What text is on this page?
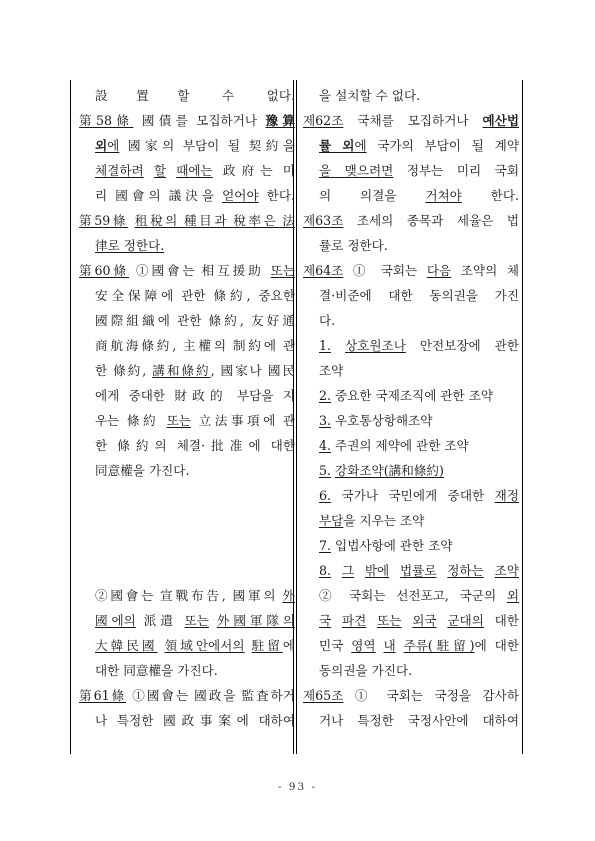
設置할 수 없다.
第58條 國債를 모집하거나 豫算
외에 國家의 부담이 될 契約을
체결하려 할 때에는 政府는 미
리 國會의 議決을 얻어야 한다.
第59條 租稅의 種目과 稅率은 法
律로 정한다.
第60條 ①國會는 相互援助 또는
安全保障에 관한 條約, 중요한
國際組織에 관한 條約, 友好通
商航海條約, 主權의 制約에 관
한 條約, 講和條約, 國家나 國民
에게 중대한 財政的 부담을 지
우는 條約 또는 立法事項에 관
한 條約의 체결·批准에 대한
同意權을 가진다.
②國會는 宣戰布告, 國軍의 外
國에의 派遣 또는 外國軍隊의
大韓民國 領域안에서의 駐留에
대한 同意權을 가진다.
第61條 ①國會는 國政을 監査하거
나 특정한 國政事案에 대하여
을 설치할 수 없다.
제62조 국채를 모집하거나 예산법
률 외에 국가의 부담이 될 계약
을 맺으려면 정부는 미리 국회
의 의결을 거쳐야 한다.
제63조 조세의 종목과 세율은 법
률로 정한다.
제64조 ① 국회는 다음 조약의 체
결·비준에 대한 동의권을 가진
다.
1. 상호원조나 안전보장에 관한
조약
2. 중요한 국제조직에 관한 조약
3. 우호통상항해조약
4. 주권의 제약에 관한 조약
5. 강화조약(講和條約)
6. 국가나 국민에게 중대한 재정
부담을 지우는 조약
7. 입법사항에 관한 조약
8. 그 밖에 법률로 정하는 조약
② 국회는 선전포고, 국군의 외
국 파견 또는 외국 군대의 대한
민국 영역 내 주류(駐留)에 대한
동의권을 가진다.
제65조 ① 국회는 국정을 감사하
거나 특정한 국정사안에 대하여
- 93 -
